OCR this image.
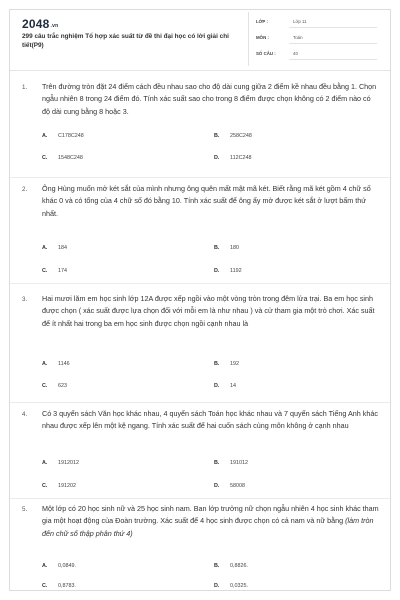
2048.vn
299 câu trắc nghiệm Tổ hợp xác suất từ đề thi đại học có lời giải chi tiết(P9)
LỚP :	Lớp 11
MÔN :	Toán
SỐ CÂU :	40
1. Trên đường tròn đặt 24 điểm cách đều nhau sao cho độ dài cung giữa 2 điểm kề nhau đều bằng 1. Chọn ngẫu nhiên 8 trong 24 điểm đó. Tính xác suất sao cho trong 8 điểm được chọn không có 2 điểm nào có độ dài cung bằng 8 hoặc 3.
A. C178C248	B. 258C248
C. 1548C248	D. 112C248
2. Ông Hùng muốn mở két sắt của mình nhưng ông quên mất mật mã két. Biết rằng mã két gồm 4 chữ số khác 0 và có tổng của 4 chữ số đó bằng 10. Tính xác suất để ông ấy mở được két sắt ở lượt bấm thứ nhất.
A. 184	B. 180
C. 174	D. 1192
3. Hai mươi lăm em học sinh lớp 12A được xếp ngồi vào một vòng tròn trong đêm lửa trại. Ba em học sinh được chọn ( xác suất được lựa chọn đối với mỗi em là như nhau ) và cử tham gia một trò chơi. Xác suất để ít nhất hai trong ba em học sinh được chọn ngồi cạnh nhau là
A. 1146	B. 192
C. 623	D. 14
4. Có 3 quyển sách Văn học khác nhau, 4 quyển sách Toán học khác nhau và 7 quyển sách Tiếng Anh khác nhau được xếp lên một kệ ngang. Tính xác suất để hai cuốn sách cùng môn không ở cạnh nhau
A. 1912012	B. 191012
C. 191202	D. 58008
5. Một lớp có 20 học sinh nữ và 25 học sinh nam. Ban lớp trưởng nữ chọn ngẫu nhiên 4 học sinh khác tham gia một hoạt động của Đoàn trường. Xác suất để 4 học sinh được chọn có cả nam và nữ bằng (làm tròn đến chữ số thập phân thứ 4)
A. 0,0849.	B. 0,8826.
C. 0,8783.	D. 0,0325.
